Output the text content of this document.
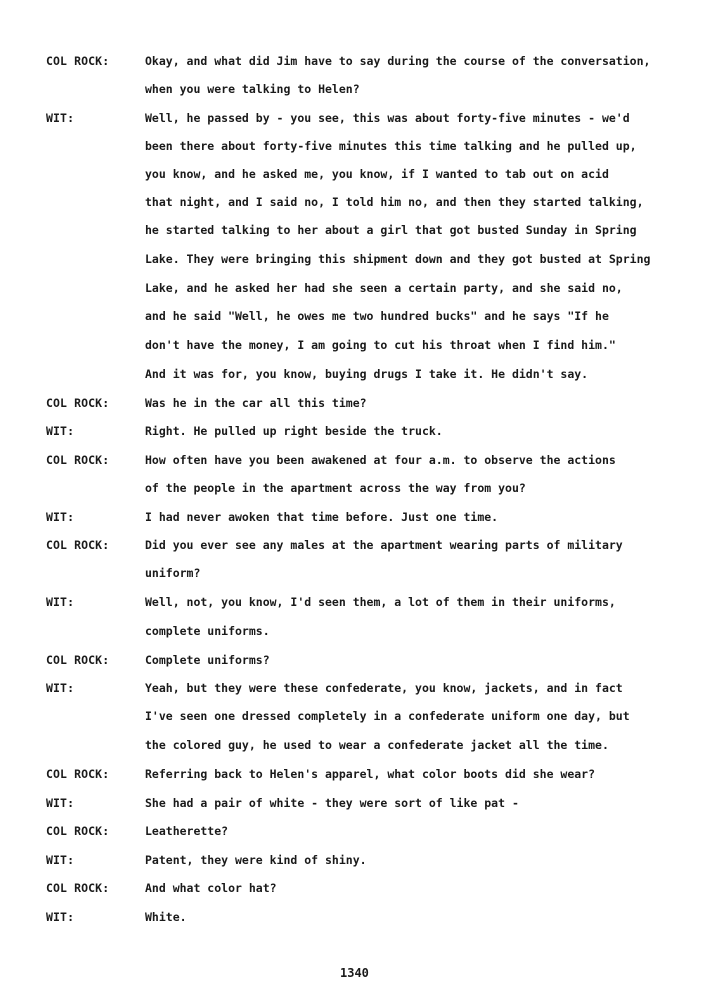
COL ROCK:	Okay, and what did Jim have to say during the course of the conversation,
when you were talking to Helen?
WIT:	Well, he passed by - you see, this was about forty-five minutes - we'd
been there about forty-five minutes this time talking and he pulled up,
you know, and he asked me, you know, if I wanted to tab out on acid
that night, and I said no, I told him no, and then they started talking,
he started talking to her about a girl that got busted Sunday in Spring
Lake. They were bringing this shipment down and they got busted at Spring
Lake, and he asked her had she seen a certain party, and she said no,
and he said "Well, he owes me two hundred bucks" and he says "If he
don't have the money, I am going to cut his throat when I find him."
And it was for, you know, buying drugs I take it. He didn't say.
COL ROCK:	Was he in the car all this time?
WIT:	Right. He pulled up right beside the truck.
COL ROCK:	How often have you been awakened at four a.m. to observe the actions
of the people in the apartment across the way from you?
WIT:	I had never awoken that time before. Just one time.
COL ROCK:	Did you ever see any males at the apartment wearing parts of military
uniform?
WIT:	Well, not, you know, I'd seen them, a lot of them in their uniforms,
complete uniforms.
COL ROCK:	Complete uniforms?
WIT:	Yeah, but they were these confederate, you know, jackets, and in fact
I've seen one dressed completely in a confederate uniform one day, but
the colored guy, he used to wear a confederate jacket all the time.
COL ROCK:	Referring back to Helen's apparel, what color boots did she wear?
WIT:	She had a pair of white - they were sort of like pat -
COL ROCK:	Leatherette?
WIT:	Patent, they were kind of shiny.
COL ROCK:	And what color hat?
WIT:	White.
1340
